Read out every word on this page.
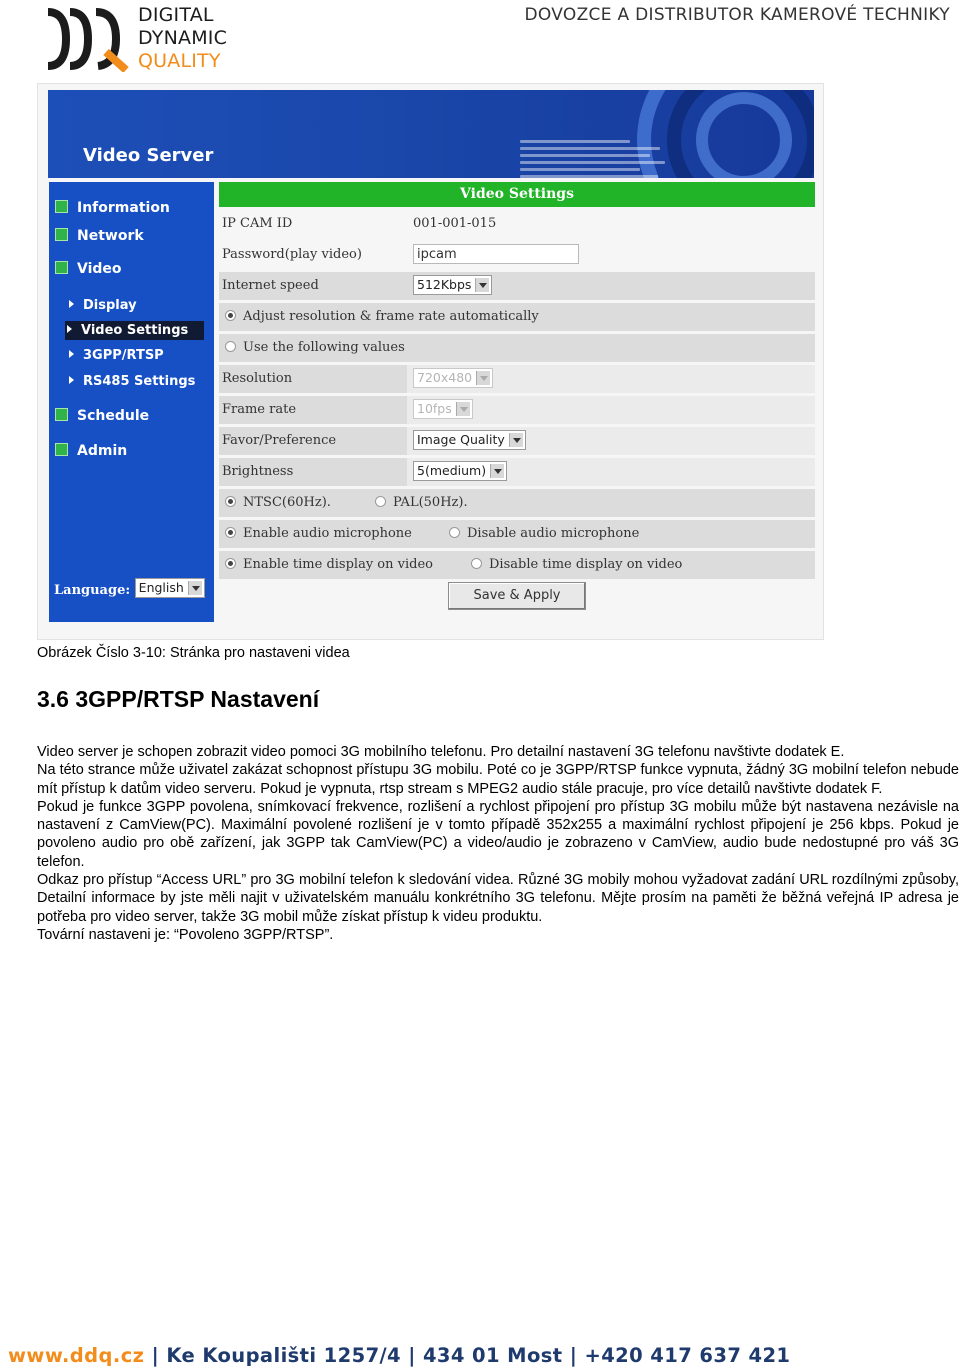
DIGITAL
DYNAMIC
QUALITY
DOVOZCE A DISTRIBUTOR KAMEROVÉ TECHNIKY
Video Server
Information
Network
Video
Display
Video Settings
3GPP/RTSP
RS485 Settings
Schedule
Admin
Language: English
Video Settings
IP CAM ID	001-001-015
Password(play video)	ipcam
Internet speed	512Kbps
Adjust resolution & frame rate automatically
Use the following values
Resolution	720x480
Frame rate	10fps
Favor/Preference	Image Quality
Brightness	5(medium)
NTSC(60Hz).	PAL(50Hz).
Enable audio microphone	Disable audio microphone
Enable time display on video	Disable time display on video
Save & Apply
Obrázek Číslo 3-10: Stránka pro nastaveni videa
3.6 3GPP/RTSP Nastavení

Video server je schopen zobrazit video pomoci 3G mobilního telefonu. Pro detailní nastavení 3G telefonu navštivte dodatek E.

Na této strance může uživatel zakázat schopnost přístupu 3G mobilu. Poté co je 3GPP/RTSP funkce vypnuta, žádný 3G mobilní telefon nebude mít přístup k datům video serveru. Pokud je vypnuta, rtsp stream s MPEG2 audio stále pracuje, pro více detailů navštivte dodatek F.

Pokud je funkce 3GPP povolena, snímkovací frekvence, rozlišení a rychlost připojení pro přístup 3G mobilu může být nastavena nezávisle na nastavení z CamView(PC). Maximální povolené rozlišení je v tomto případě 352x255 a maximální rychlost připojení je 256 kbps. Pokud je povoleno audio pro obě zařízení, jak 3GPP tak CamView(PC) a video/audio je zobrazeno v CamView, audio bude nedostupné pro váš 3G telefon.

Odkaz pro přístup “Access URL” pro 3G mobilní telefon k sledování videa. Různé 3G mobily mohou vyžadovat zadání URL rozdílnými způsoby, Detailní informace by jste měli najit v uživatelském manuálu konkrétního 3G telefonu. Mějte prosím na paměti že běžná veřejná IP adresa je potřeba pro video server, takže 3G mobil může získat přístup k videu produktu.

Tovární nastaveni je: “Povoleno 3GPP/RTSP”.

www.ddq.cz | Ke Koupališti 1257/4 | 434 01 Most | +420 417 637 421
